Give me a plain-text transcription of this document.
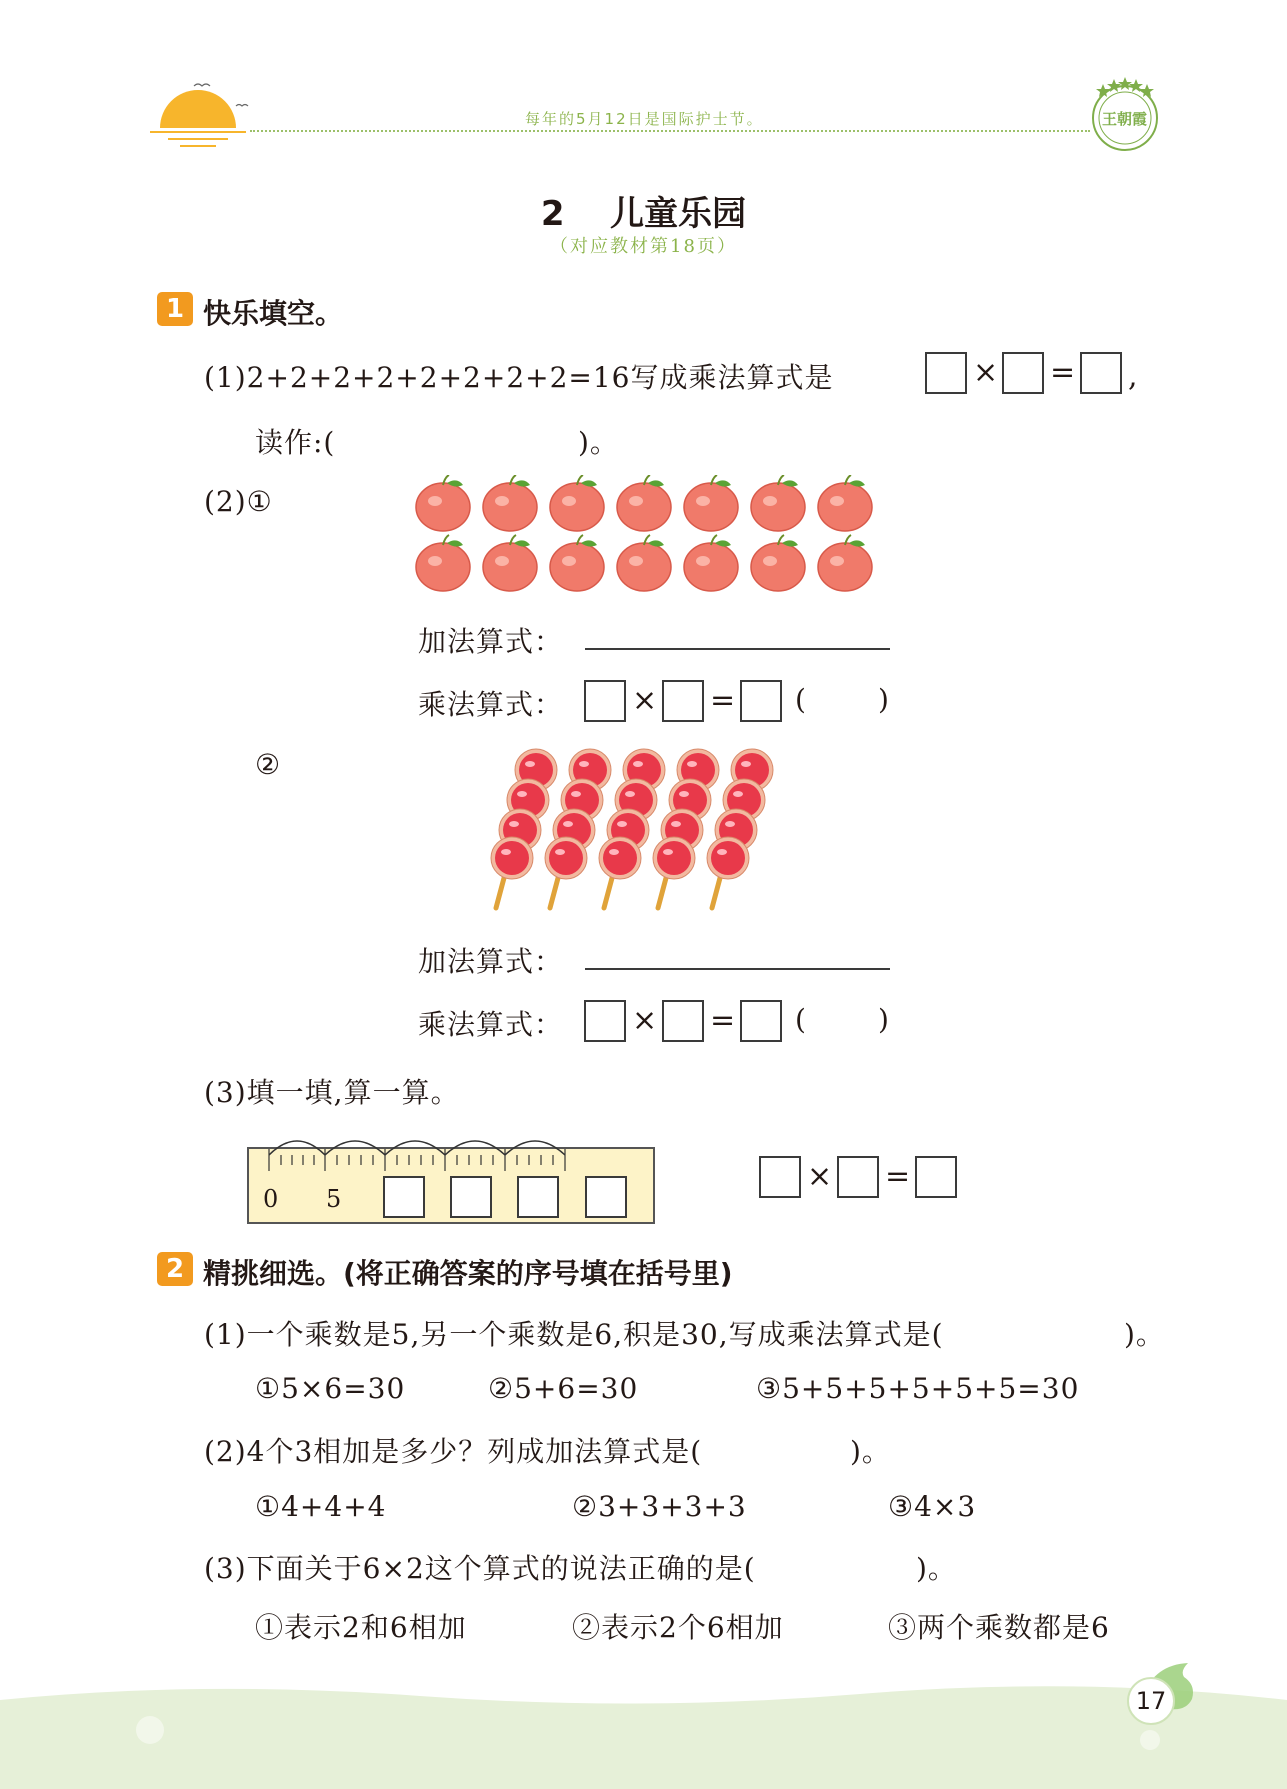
每年的5月12日是国际护士节。	王朝霞
2 儿童乐园
（对应教材第18页）
1 快乐填空。
(1)2+2+2+2+2+2+2+2=16写成乘法算式是	× = ,
读作:(	)。
(2)①
加法算式：
乘法算式： × = (	)
②
加法算式：
乘法算式： × = (	)
(3)填一填,算一算。
0 5
× =
2 精挑细选。(将正确答案的序号填在括号里)
(1)一个乘数是5,另一个乘数是6,积是30,写成乘法算式是(	)。
①5×6=30	②5+6=30	③5+5+5+5+5+5=30
(2)4个3相加是多少？列成加法算式是(	)。
①4+4+4	②3+3+3+3	③4×3
(3)下面关于6×2这个算式的说法正确的是(	)。
①表示2和6相加	②表示2个6相加	③两个乘数都是6
17
